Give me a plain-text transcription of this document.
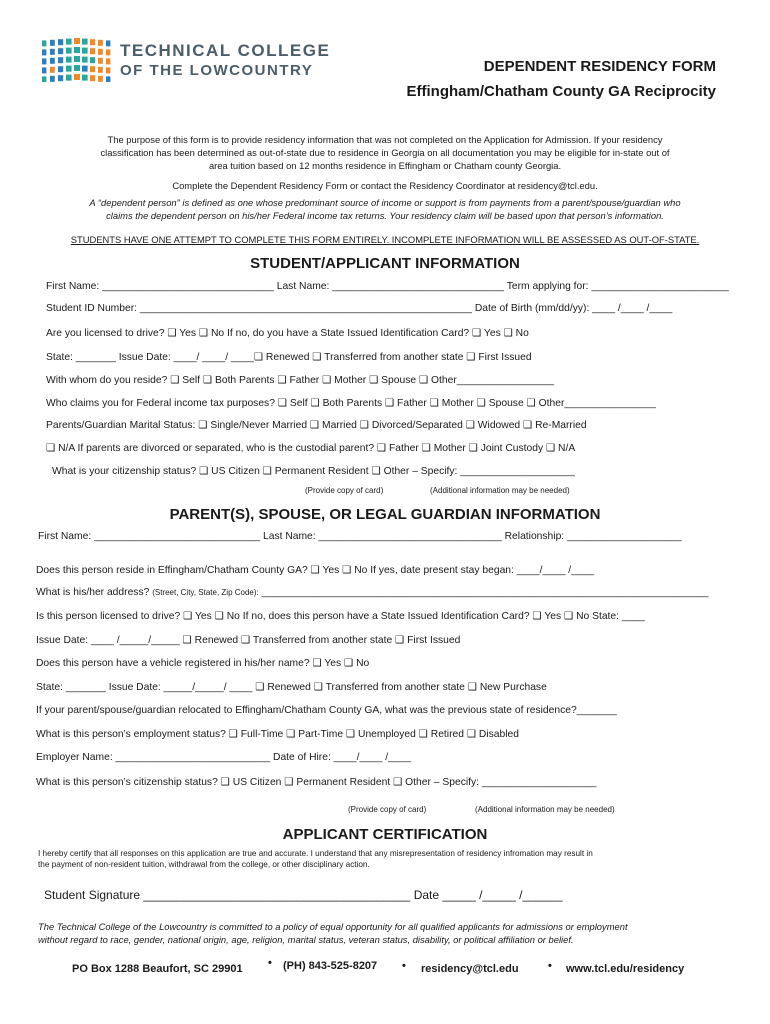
TECHNICAL COLLEGE
OF THE LOWCOUNTRY	DEPENDENT RESIDENCY FORM
Effingham/Chatham County GA Reciprocity
The purpose of this form is to provide residency information that was not completed on the Application for Admission. If your residency
classification has been determined as out-of-state due to residence in Georgia on all documentation you may be eligible for in-state out of
area tuition based on 12 months residence in Effingham or Chatham county Georgia.
Complete the Dependent Residency Form or contact the Residency Coordinator at residency@tcl.edu.
A “dependent person” is defined as one whose predominant source of income or support is from payments from a parent/spouse/guardian who
claims the dependent person on his/her Federal income tax returns. Your residency claim will be based upon that person’s information.
STUDENTS HAVE ONE ATTEMPT TO COMPLETE THIS FORM ENTIRELY. INCOMPLETE INFORMATION WILL BE ASSESSED AS OUT-OF-STATE.
STUDENT/APPLICANT INFORMATION
First Name: ______________________________ Last Name: ______________________________ Term applying for: ________________________
Student ID Number: __________________________________________________________ Date of Birth (mm/dd/yy): ____ /____ /____
Are you licensed to drive? ❑ Yes ❑ No If no, do you have a State Issued Identification Card? ❑ Yes ❑ No
State: _______ Issue Date: ____/ ____/ ____❑ Renewed ❑ Transferred from another state ❑ First Issued
With whom do you reside? ❑ Self ❑ Both Parents ❑ Father ❑ Mother ❑ Spouse ❑ Other_________________
Who claims you for Federal income tax purposes? ❑ Self ❑ Both Parents ❑ Father ❑ Mother ❑ Spouse ❑ Other________________
Parents/Guardian Marital Status: ❑ Single/Never Married ❑ Married ❑ Divorced/Separated ❑ Widowed ❑ Re-Married
❑ N/A If parents are divorced or separated, who is the custodial parent? ❑ Father ❑ Mother ❑ Joint Custody ❑ N/A
What is your citizenship status? ❑ US Citizen ❑ Permanent Resident ❑ Other – Specify: ____________________
(Provide copy of card)	(Additional information may be needed)
PARENT(S), SPOUSE, OR LEGAL GUARDIAN INFORMATION
First Name: _____________________________ Last Name: ________________________________ Relationship: ____________________
Does this person reside in Effingham/Chatham County GA? ❑ Yes ❑ No If yes, date present stay began: ____/____ /____
What is his/her address? (Street, City, State, Zip Code): ______________________________________________________________________________
Is this person licensed to drive? ❑ Yes ❑ No If no, does this person have a State Issued Identification Card? ❑ Yes ❑ No State: ____
Issue Date: ____ /_____/_____ ❑ Renewed ❑ Transferred from another state ❑ First Issued
Does this person have a vehicle registered in his/her name? ❑ Yes ❑ No
State: _______ Issue Date: _____/_____/ ____ ❑ Renewed ❑ Transferred from another state ❑ New Purchase
If your parent/spouse/guardian relocated to Effingham/Chatham County GA, what was the previous state of residence?_______
What is this person’s employment status? ❑ Full-Time ❑ Part-Time ❑ Unemployed ❑ Retired ❑ Disabled
Employer Name: ___________________________ Date of Hire: ____/____ /____
What is this person’s citizenship status? ❑ US Citizen ❑ Permanent Resident ❑ Other – Specify: ____________________
(Provide copy of card)	(Additional information may be needed)
APPLICANT CERTIFICATION
I hereby certify that all responses on this application are true and accurate. I understand that any misrepresentation of residency infromation may result in
the payment of non-resident tuition, withdrawal from the college, or other disciplinary action.
Student Signature ________________________________________ Date _____ /_____ /______
The Technical College of the Lowcountry is committed to a policy of equal opportunity for all qualified applicants for admissions or employment
without regard to race, gender, national origin, age, religion, marital status, veteran status, disability, or political affiliation or belief.
PO Box 1288 Beaufort, SC 29901 • (PH) 843-525-8207 • residency@tcl.edu	• www.tcl.edu/residency
